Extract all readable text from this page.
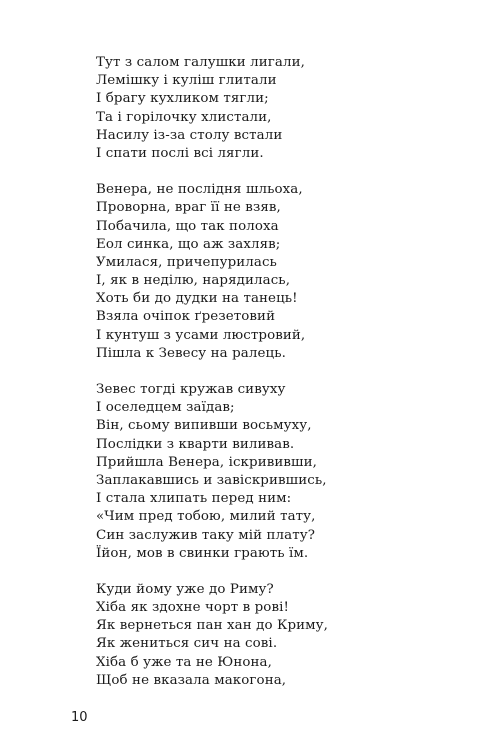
Тут з салом галушки лигали,
Лемішку і куліш глитали
І брагу кухликом тягли;
Та і горілочку хлистали,
Насилу із-за столу встали
І спати послі всі лягли.
Венера, не послідня шльоха,
Проворна, враг її не взяв,
Побачила, що так полоха
Еол синка, що аж захляв;
Умилася, причепурилась
І, як в неділю, нарядилась,
Хоть би до дудки на танець!
Взяла очіпок ґрезетовий
І кунтуш з усами люстровий,
Пішла к Зевесу на ралець.
Зевес тогді кружав сивуху
І оселедцем заїдав;
Він, сьому випивши восьмуху,
Послідки з кварти виливав.
Прийшла Венера, іскрививши,
Заплакавшись и завіскрившись,
І стала хлипать перед ним:
«Чим пред тобою, милий тату,
Син заслужив таку мій плату?
Їйон, мов в свинки грають їм.
Куди йому уже до Риму?
Хіба як здохне чорт в рові!
Як вернеться пан хан до Криму,
Як жениться сич на сові.
Хіба б уже та не Юнона,
Щоб не вказала макогона,
10
